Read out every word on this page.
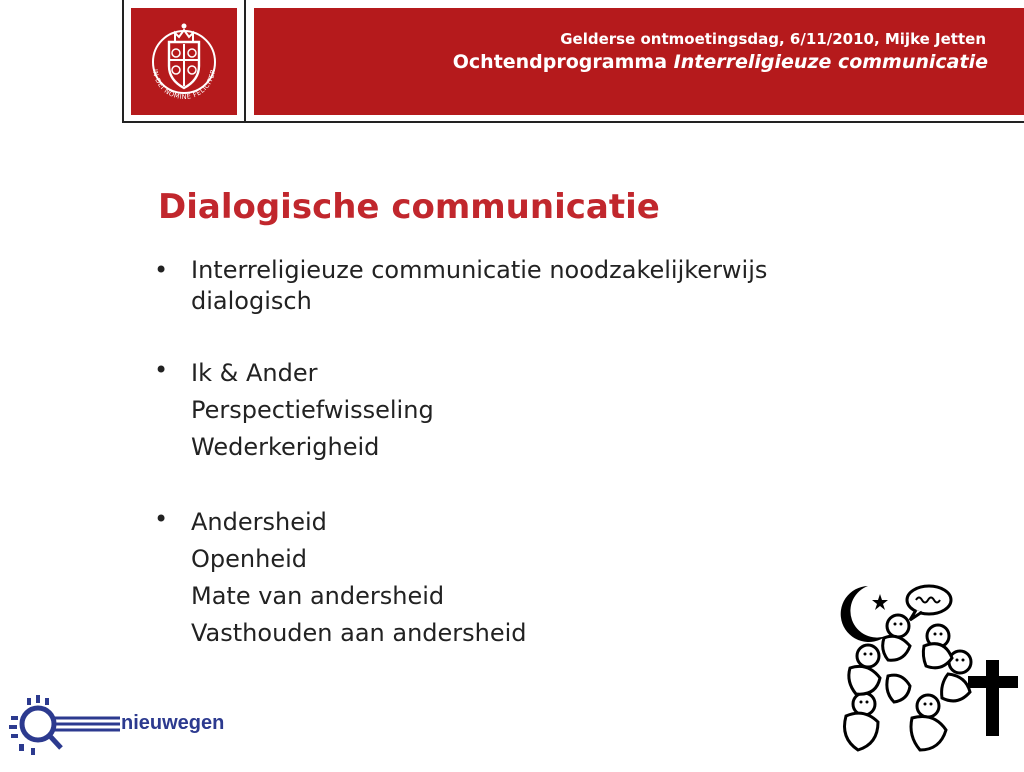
IN DEI NOMINE FELICITER
Gelderse ontmoetingsdag, 6/11/2010, Mijke Jetten
Ochtendprogramma Interreligieuze communicatie
Dialogische communicatie
• Interreligieuze communicatie noodzakelijkerwijs
dialogisch
• Ik & Ander
Perspectiefwisseling
Wederkerigheid
• Andersheid
Openheid
Mate van andersheid
Vasthouden aan andersheid
nieuwegen
